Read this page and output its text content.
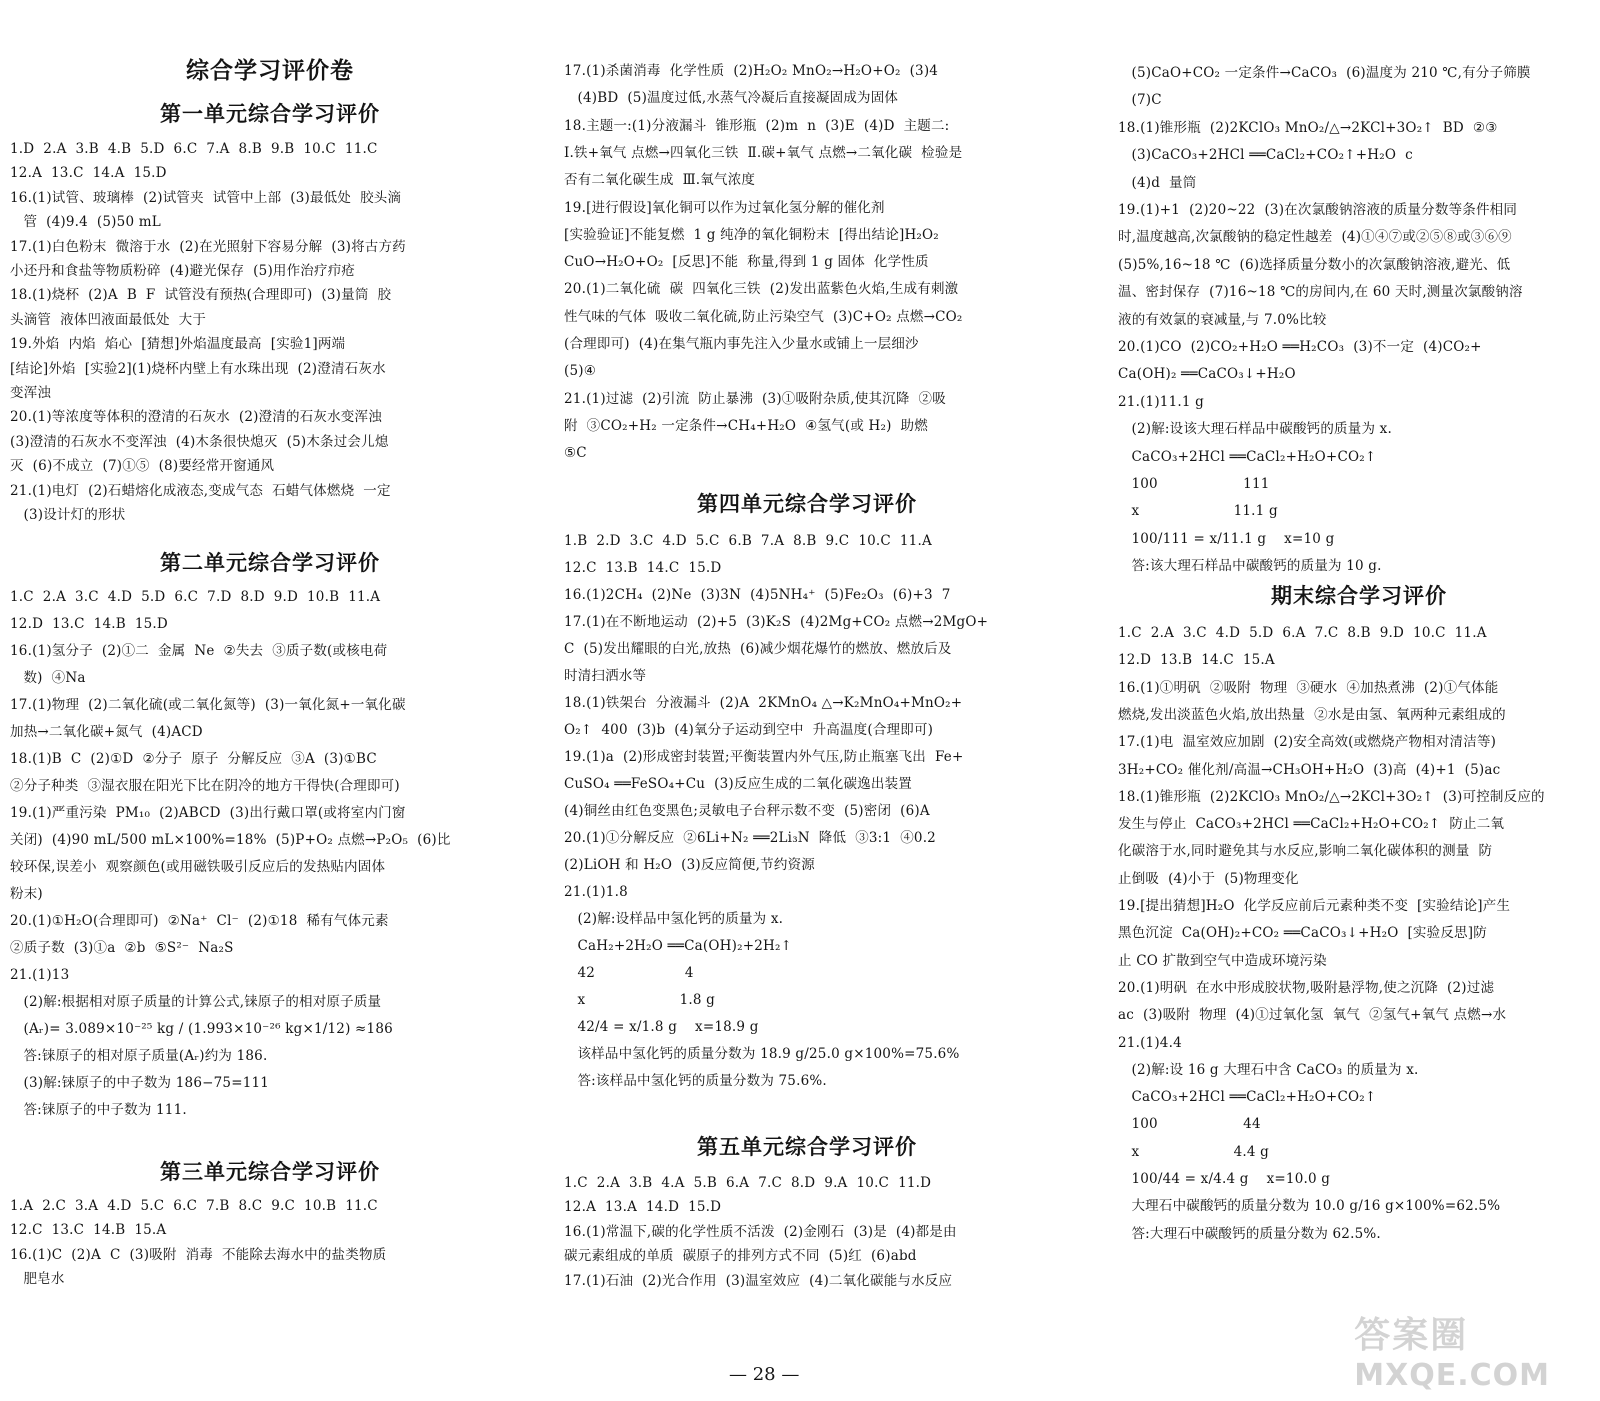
综合学习评价卷
第一单元综合学习评价
1.D  2.A  3.B  4.B  5.D  6.C  7.A  8.B  9.B  10.C  11.C
12.A  13.C  14.A  15.D
16.(1)试管、玻璃棒  (2)试管夹  试管中上部  (3)最低处  胶头滴
管  (4)9.4  (5)50 mL
17.(1)白色粉末  微溶于水  (2)在光照射下容易分解  (3)将古方药
小还丹和食盐等物质粉碎  (4)避光保存  (5)用作治疗疖疮
18.(1)烧杯  (2)A  B  F  试管没有预热(合理即可)  (3)量筒  胶
头滴管  液体凹液面最低处  大于
19.外焰  内焰  焰心  [猜想]外焰温度最高  [实验1]两端
[结论]外焰  [实验2](1)烧杯内壁上有水珠出现  (2)澄清石灰水
变浑浊
20.(1)等浓度等体积的澄清的石灰水  (2)澄清的石灰水变浑浊
(3)澄清的石灰水不变浑浊  (4)木条很快熄灭  (5)木条过会儿熄
灭  (6)不成立  (7)①⑤  (8)要经常开窗通风
21.(1)电灯  (2)石蜡熔化成液态,变成气态  石蜡气体燃烧  一定
(3)设计灯的形状
第二单元综合学习评价
1.C  2.A  3.C  4.D  5.D  6.C  7.D  8.D  9.D  10.B  11.A
12.D  13.C  14.B  15.D
16.(1)氢分子  (2)①二  金属  Ne  ②失去  ③质子数(或核电荷
数)  ④Na
17.(1)物理  (2)二氧化硫(或二氧化氮等)  (3)一氧化氮+一氧化碳
加热→二氧化碳+氮气  (4)ACD
18.(1)B  C  (2)①D  ②分子  原子  分解反应  ③A  (3)①BC
②分子种类  ③湿衣服在阳光下比在阴冷的地方干得快(合理即可)
19.(1)严重污染  PM₁₀  (2)ABCD  (3)出行戴口罩(或将室内门窗
关闭)  (4)90 mL/500 mL×100%=18%  (5)P+O₂ 点燃→P₂O₅  (6)比
较环保,误差小  观察颜色(或用磁铁吸引反应后的发热贴内固体
粉末)
20.(1)①H₂O(合理即可)  ②Na⁺  Cl⁻  (2)①18  稀有气体元素
②质子数  (3)①a  ②b  ⑤S²⁻  Na₂S
21.(1)13
(2)解:根据相对原子质量的计算公式,铼原子的相对原子质量
(Aᵣ)= 3.089×10⁻²⁵ kg / (1.993×10⁻²⁶ kg×1/12) ≈186
答:铼原子的相对原子质量(Aᵣ)约为 186.
(3)解:铼原子的中子数为 186−75=111
答:铼原子的中子数为 111.
第三单元综合学习评价
1.A  2.C  3.A  4.D  5.C  6.C  7.B  8.C  9.C  10.B  11.C
12.C  13.C  14.B  15.A
16.(1)C  (2)A  C  (3)吸附  消毒  不能除去海水中的盐类物质
肥皂水
17.(1)杀菌消毒  化学性质  (2)H₂O₂ MnO₂→H₂O+O₂  (3)4
(4)BD  (5)温度过低,水蒸气冷凝后直接凝固成为固体
18.主题一:(1)分液漏斗  锥形瓶  (2)m  n  (3)E  (4)D  主题二:
Ⅰ.铁+氧气 点燃→四氧化三铁  Ⅱ.碳+氧气 点燃→二氧化碳  检验是
否有二氧化碳生成  Ⅲ.氧气浓度
19.[进行假设]氧化铜可以作为过氧化氢分解的催化剂
[实验验证]不能复燃  1 g 纯净的氧化铜粉末  [得出结论]H₂O₂
CuO→H₂O+O₂  [反思]不能  称量,得到 1 g 固体  化学性质
20.(1)二氧化硫  碳  四氧化三铁  (2)发出蓝紫色火焰,生成有刺激
性气味的气体  吸收二氧化硫,防止污染空气  (3)C+O₂ 点燃→CO₂
(合理即可)  (4)在集气瓶内事先注入少量水或铺上一层细沙
(5)④
21.(1)过滤  (2)引流  防止暴沸  (3)①吸附杂质,使其沉降  ②吸
附  ③CO₂+H₂ 一定条件→CH₄+H₂O  ④氢气(或 H₂)  助燃
⑤C
第四单元综合学习评价
1.B  2.D  3.C  4.D  5.C  6.B  7.A  8.B  9.C  10.C  11.A
12.C  13.B  14.C  15.D
16.(1)2CH₄  (2)Ne  (3)3N  (4)5NH₄⁺  (5)Fe₂O₃  (6)+3  7
17.(1)在不断地运动  (2)+5  (3)K₂S  (4)2Mg+CO₂ 点燃→2MgO+
C  (5)发出耀眼的白光,放热  (6)减少烟花爆竹的燃放、燃放后及
时清扫洒水等
18.(1)铁架台  分液漏斗  (2)A  2KMnO₄ △→K₂MnO₄+MnO₂+
O₂↑  400  (3)b  (4)氧分子运动到空中  升高温度(合理即可)
19.(1)a  (2)形成密封装置;平衡装置内外气压,防止瓶塞飞出  Fe+
CuSO₄ ══FeSO₄+Cu  (3)反应生成的二氧化碳逸出装置
(4)铜丝由红色变黑色;灵敏电子台秤示数不变  (5)密闭  (6)A
20.(1)①分解反应  ②6Li+N₂ ══2Li₃N  降低  ③3:1  ④0.2
(2)LiOH 和 H₂O  (3)反应简便,节约资源
21.(1)1.8
(2)解:设样品中氢化钙的质量为 x.
CaH₂+2H₂O ══Ca(OH)₂+2H₂↑
42                    4
x                     1.8 g
42/4 = x/1.8 g    x=18.9 g
该样品中氢化钙的质量分数为 18.9 g/25.0 g×100%=75.6%
答:该样品中氢化钙的质量分数为 75.6%.
第五单元综合学习评价
1.C  2.A  3.B  4.A  5.B  6.A  7.C  8.D  9.A  10.C  11.D
12.A  13.A  14.D  15.D
16.(1)常温下,碳的化学性质不活泼  (2)金刚石  (3)是  (4)都是由
碳元素组成的单质  碳原子的排列方式不同  (5)红  (6)abd
17.(1)石油  (2)光合作用  (3)温室效应  (4)二氧化碳能与水反应
(5)CaO+CO₂ 一定条件→CaCO₃  (6)温度为 210 ℃,有分子筛膜
(7)C
18.(1)锥形瓶  (2)2KClO₃ MnO₂/△→2KCl+3O₂↑  BD  ②③
(3)CaCO₃+2HCl ══CaCl₂+CO₂↑+H₂O  c
(4)d  量筒
19.(1)+1  (2)20~22  (3)在次氯酸钠溶液的质量分数等条件相同
时,温度越高,次氯酸钠的稳定性越差  (4)①④⑦或②⑤⑧或③⑥⑨
(5)5%,16~18 ℃  (6)选择质量分数小的次氯酸钠溶液,避光、低
温、密封保存  (7)16~18 ℃的房间内,在 60 天时,测量次氯酸钠溶
液的有效氯的衰减量,与 7.0%比较
20.(1)CO  (2)CO₂+H₂O ══H₂CO₃  (3)不一定  (4)CO₂+
Ca(OH)₂ ══CaCO₃↓+H₂O
21.(1)11.1 g
(2)解:设该大理石样品中碳酸钙的质量为 x.
CaCO₃+2HCl ══CaCl₂+H₂O+CO₂↑
100                   111
x                     11.1 g
100/111 = x/11.1 g    x=10 g
答:该大理石样品中碳酸钙的质量为 10 g.
期末综合学习评价
1.C  2.A  3.C  4.D  5.D  6.A  7.C  8.B  9.D  10.C  11.A
12.D  13.B  14.C  15.A
16.(1)①明矾  ②吸附  物理  ③硬水  ④加热煮沸  (2)①气体能
燃烧,发出淡蓝色火焰,放出热量  ②水是由氢、氧两种元素组成的
17.(1)电  温室效应加剧  (2)安全高效(或燃烧产物相对清洁等)
3H₂+CO₂ 催化剂/高温→CH₃OH+H₂O  (3)高  (4)+1  (5)ac
18.(1)锥形瓶  (2)2KClO₃ MnO₂/△→2KCl+3O₂↑  (3)可控制反应的
发生与停止  CaCO₃+2HCl ══CaCl₂+H₂O+CO₂↑  防止二氧
化碳溶于水,同时避免其与水反应,影响二氧化碳体积的测量  防
止倒吸  (4)小于  (5)物理变化
19.[提出猜想]H₂O  化学反应前后元素种类不变  [实验结论]产生
黑色沉淀  Ca(OH)₂+CO₂ ══CaCO₃↓+H₂O  [实验反思]防
止 CO 扩散到空气中造成环境污染
20.(1)明矾  在水中形成胶状物,吸附悬浮物,使之沉降  (2)过滤
ac  (3)吸附  物理  (4)①过氧化氢  氧气  ②氢气+氧气 点燃→水
21.(1)4.4
(2)解:设 16 g 大理石中含 CaCO₃ 的质量为 x.
CaCO₃+2HCl ══CaCl₂+H₂O+CO₂↑
100                   44
x                     4.4 g
100/44 = x/4.4 g    x=10.0 g
大理石中碳酸钙的质量分数为 10.0 g/16 g×100%=62.5%
答:大理石中碳酸钙的质量分数为 62.5%.
— 28 —
答案圈
MXQE.COM
